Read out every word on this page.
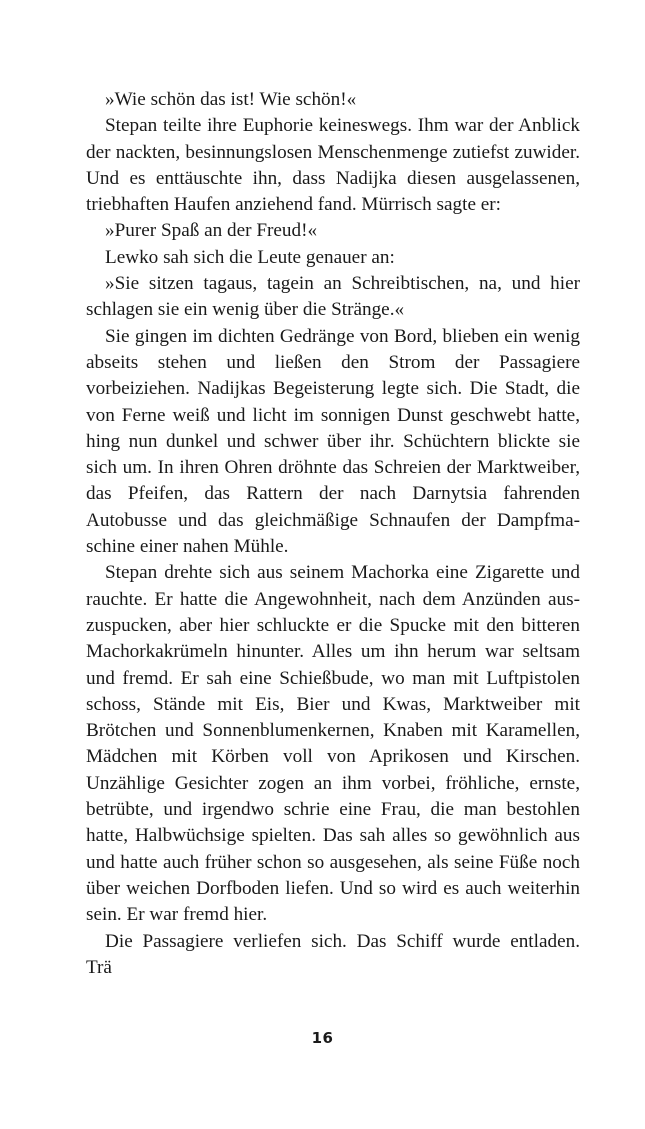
»Wie schön das ist! Wie schön!«

Stepan teilte ihre Euphorie keineswegs. Ihm war der Anblick der nackten, besinnungslosen Menschenmenge zutiefst zuwider. Und es enttäuschte ihn, dass Nadijka diesen ausgelassenen, triebhaften Haufen anziehend fand. Mürrisch sagte er:

»Purer Spaß an der Freud!«

Lewko sah sich die Leute genauer an:

»Sie sitzen tagaus, tagein an Schreibtischen, na, und hier schlagen sie ein wenig über die Stränge.«

Sie gingen im dichten Gedränge von Bord, blieben ein wenig abseits stehen und ließen den Strom der Passagiere vorbeiziehen. Nadijkas Begeisterung legte sich. Die Stadt, die von Ferne weiß und licht im sonnigen Dunst geschwebt hatte, hing nun dunkel und schwer über ihr. Schüchtern blickte sie sich um. In ihren Ohren dröhnte das Schreien der Marktweiber, das Pfeifen, das Rattern der nach Darnytsia fahrenden Autobusse und das gleichmäßige Schnaufen der Dampfmaschine einer nahen Mühle.

Stepan drehte sich aus seinem Machorka eine Zigarette und rauchte. Er hatte die Angewohnheit, nach dem Anzünden auszuspucken, aber hier schluckte er die Spucke mit den bitteren Machorkakrümeln hinunter. Alles um ihn herum war seltsam und fremd. Er sah eine Schießbude, wo man mit Luftpistolen schoss, Stände mit Eis, Bier und Kwas, Marktweiber mit Brötchen und Sonnenblumenkernen, Knaben mit Karamellen, Mädchen mit Körben voll von Aprikosen und Kirschen. Unzählige Gesichter zogen an ihm vorbei, fröhliche, ernste, betrübte, und irgendwo schrie eine Frau, die man bestohlen hatte, Halbwüchsige spielten. Das sah alles so gewöhnlich aus und hatte auch früher schon so ausgesehen, als seine Füße noch über weichen Dorfboden liefen. Und so wird es auch weiterhin sein. Er war fremd hier.

Die Passagiere verliefen sich. Das Schiff wurde entladen. Trä

16
